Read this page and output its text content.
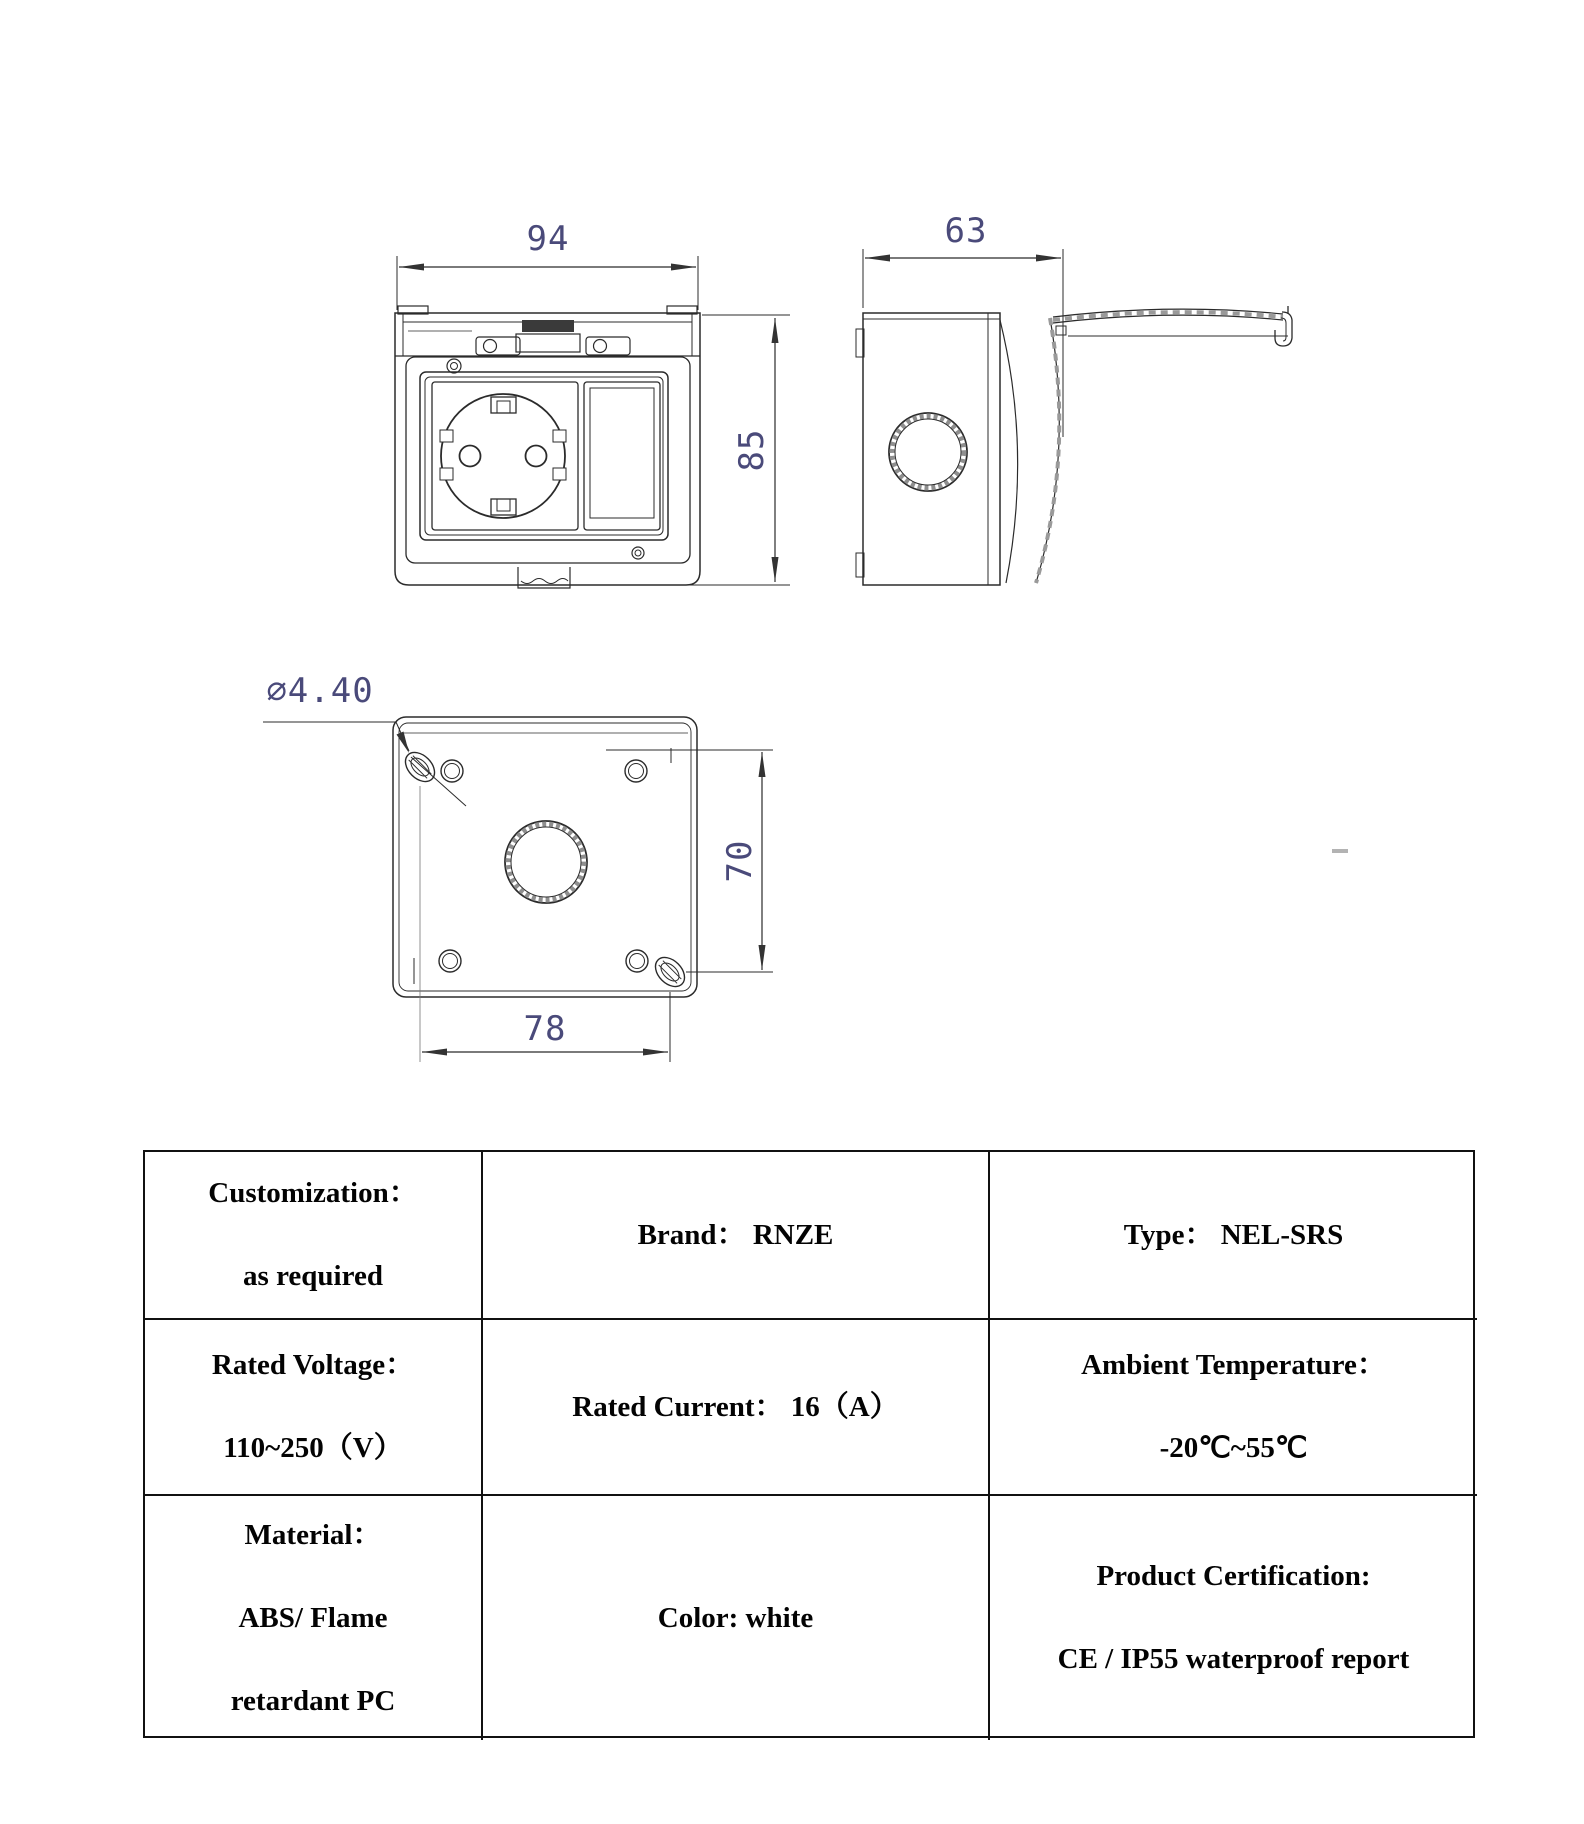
94
85
63
⌀4.40
70
78
Customization：
as required
Brand： RNZE	Type： NEL-SRS
Rated Voltage：
110~250（V）
Rated Current： 16（A）
Ambient Temperature：
-20℃~55℃
Material：
ABS/ Flame
retardant PC
Color: white
Product Certification:
CE / IP55 waterproof report
